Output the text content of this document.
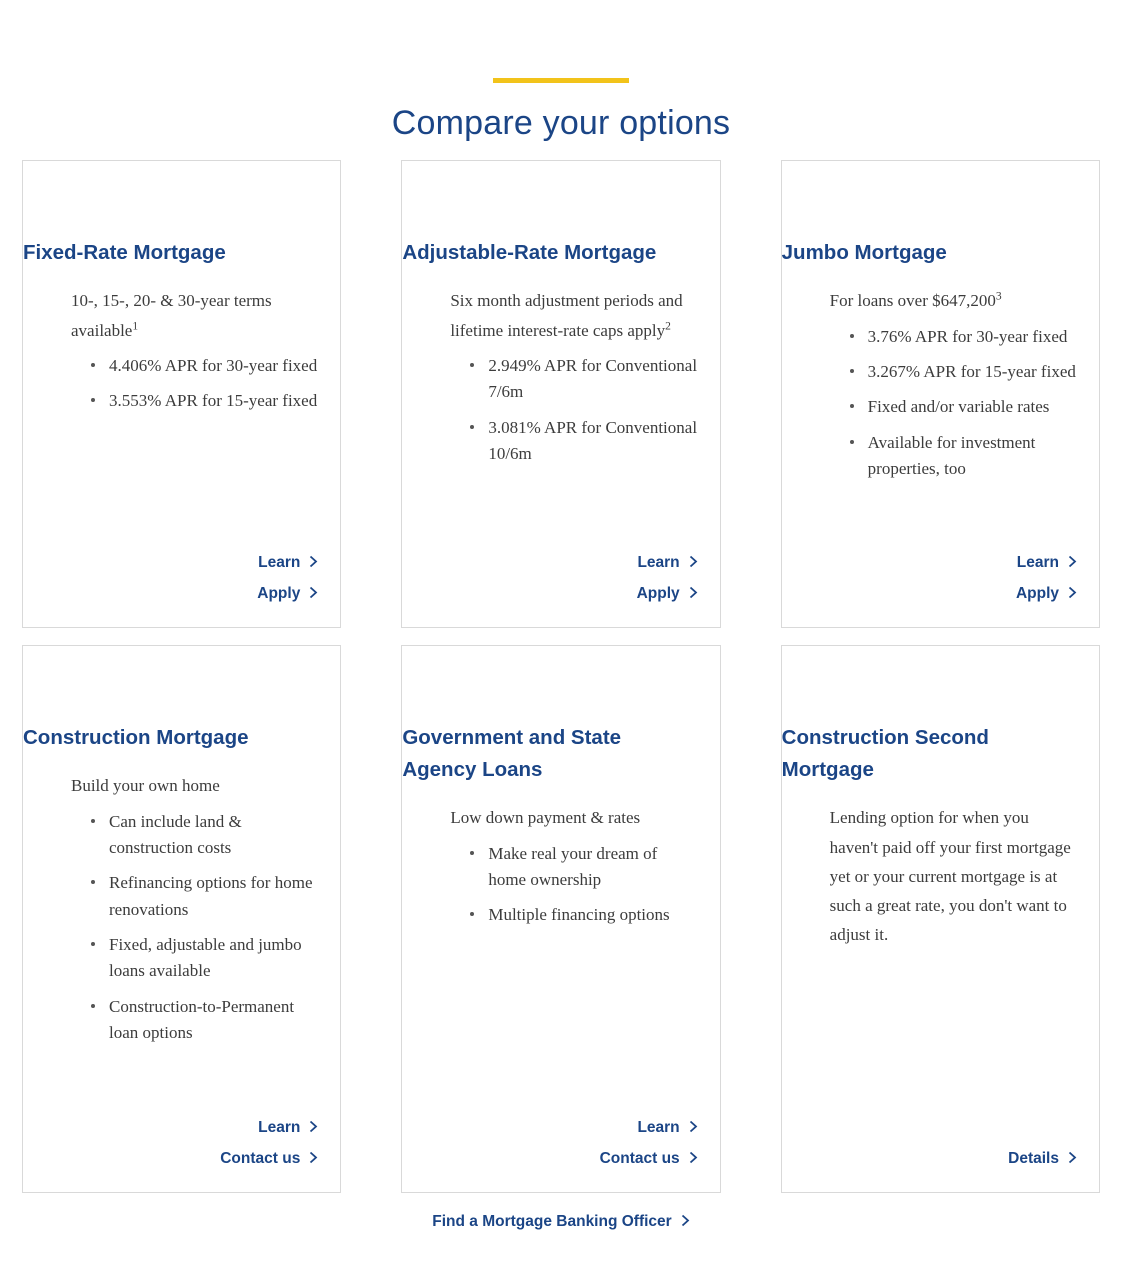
Compare your options
Fixed-Rate Mortgage

10-, 15-, 20- & 30-year terms available$^1$

4.406% APR for 30-year fixed
3.553% APR for 15-year fixed
Learn
Apply
Adjustable-Rate Mortgage

Six month adjustment periods and lifetime interest-rate caps apply$^2$

2.949% APR for Conventional 7/6m
3.081% APR for Conventional 10/6m
Learn
Apply
Jumbo Mortgage

For loans over $647,200$^3$

3.76% APR for 30-year fixed
3.267% APR for 15-year fixed
Fixed and/or variable rates
Available for investment properties, too
Learn
Apply
Construction Mortgage

Build your own home

Can include land & construction costs
Refinancing options for home renovations
Fixed, adjustable and jumbo loans available
Construction-to-Permanent loan options
Learn
Contact us
Government and State Agency Loans

Low down payment & rates

Make real your dream of home ownership
Multiple financing options
Learn
Contact us
Construction Second Mortgage

Lending option for when you haven't paid off your first mortgage yet or your current mortgage is at such a great rate, you don't want to adjust it.

Details
Find a Mortgage Banking Officer
